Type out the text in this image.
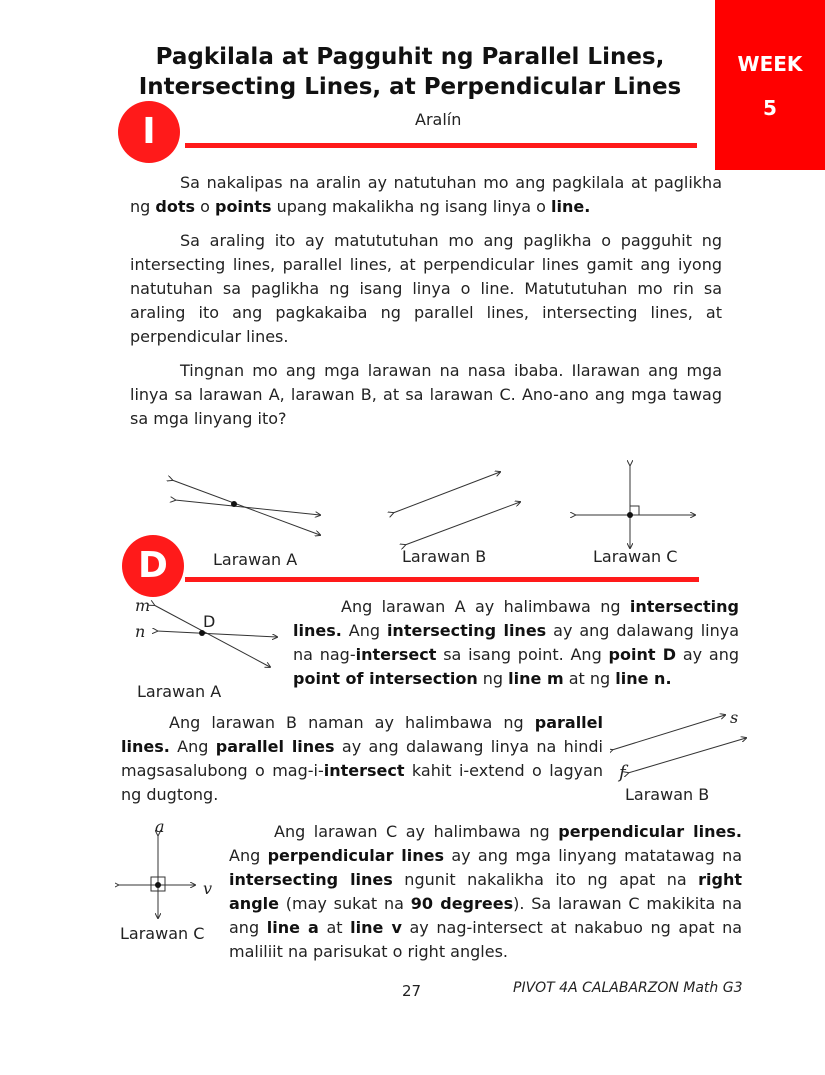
WEEK
5
Pagkilala at Pagguhit ng Parallel Lines,
Intersecting Lines, at Perpendicular Lines
I	Aralín

Sa nakalipas na aralin ay natutuhan mo ang pagkilala at paglikha ng dots o points upang makalikha ng isang linya o line.

Sa araling ito ay matututuhan mo ang paglikha o pagguhit ng intersecting lines, parallel lines, at perpendicular lines gamit ang iyong natutuhan sa paglikha ng isang linya o line. Matututuhan mo rin sa araling ito ang pagkakaiba ng parallel lines, intersecting lines, at perpendicular lines.

Tingnan mo ang mga larawan na nasa ibaba. Ilarawan ang mga linya sa larawan A, larawan B, at sa larawan C. Ano-ano ang mga tawag sa mga linyang ito?

Larawan A	Larawan B	Larawan C
D
m
n
D
Larawan A

Ang larawan A ay halimbawa ng intersecting lines. Ang intersecting lines ay ang dalawang linya na nag-intersect sa isang point. Ang point D ay ang point of intersection ng line m at ng line n.

Ang larawan B naman ay halimbawa ng parallel lines. Ang parallel lines ay ang dalawang linya na hindi magsasalubong o mag-i-intersect kahit i-extend o lagyan ng dugtong.

s
f
Larawan B
a
v
Larawan C

Ang larawan C ay halimbawa ng perpendicular lines. Ang perpendicular lines ay ang mga linyang matatawag na intersecting lines ngunit nakalikha ito ng apat na right angle (may sukat na 90 degrees). Sa larawan C makikita na ang line a at line v ay nag-intersect at nakabuo ng apat na maliliit na parisukat o right angles.

27	PIVOT 4A CALABARZON Math G3
